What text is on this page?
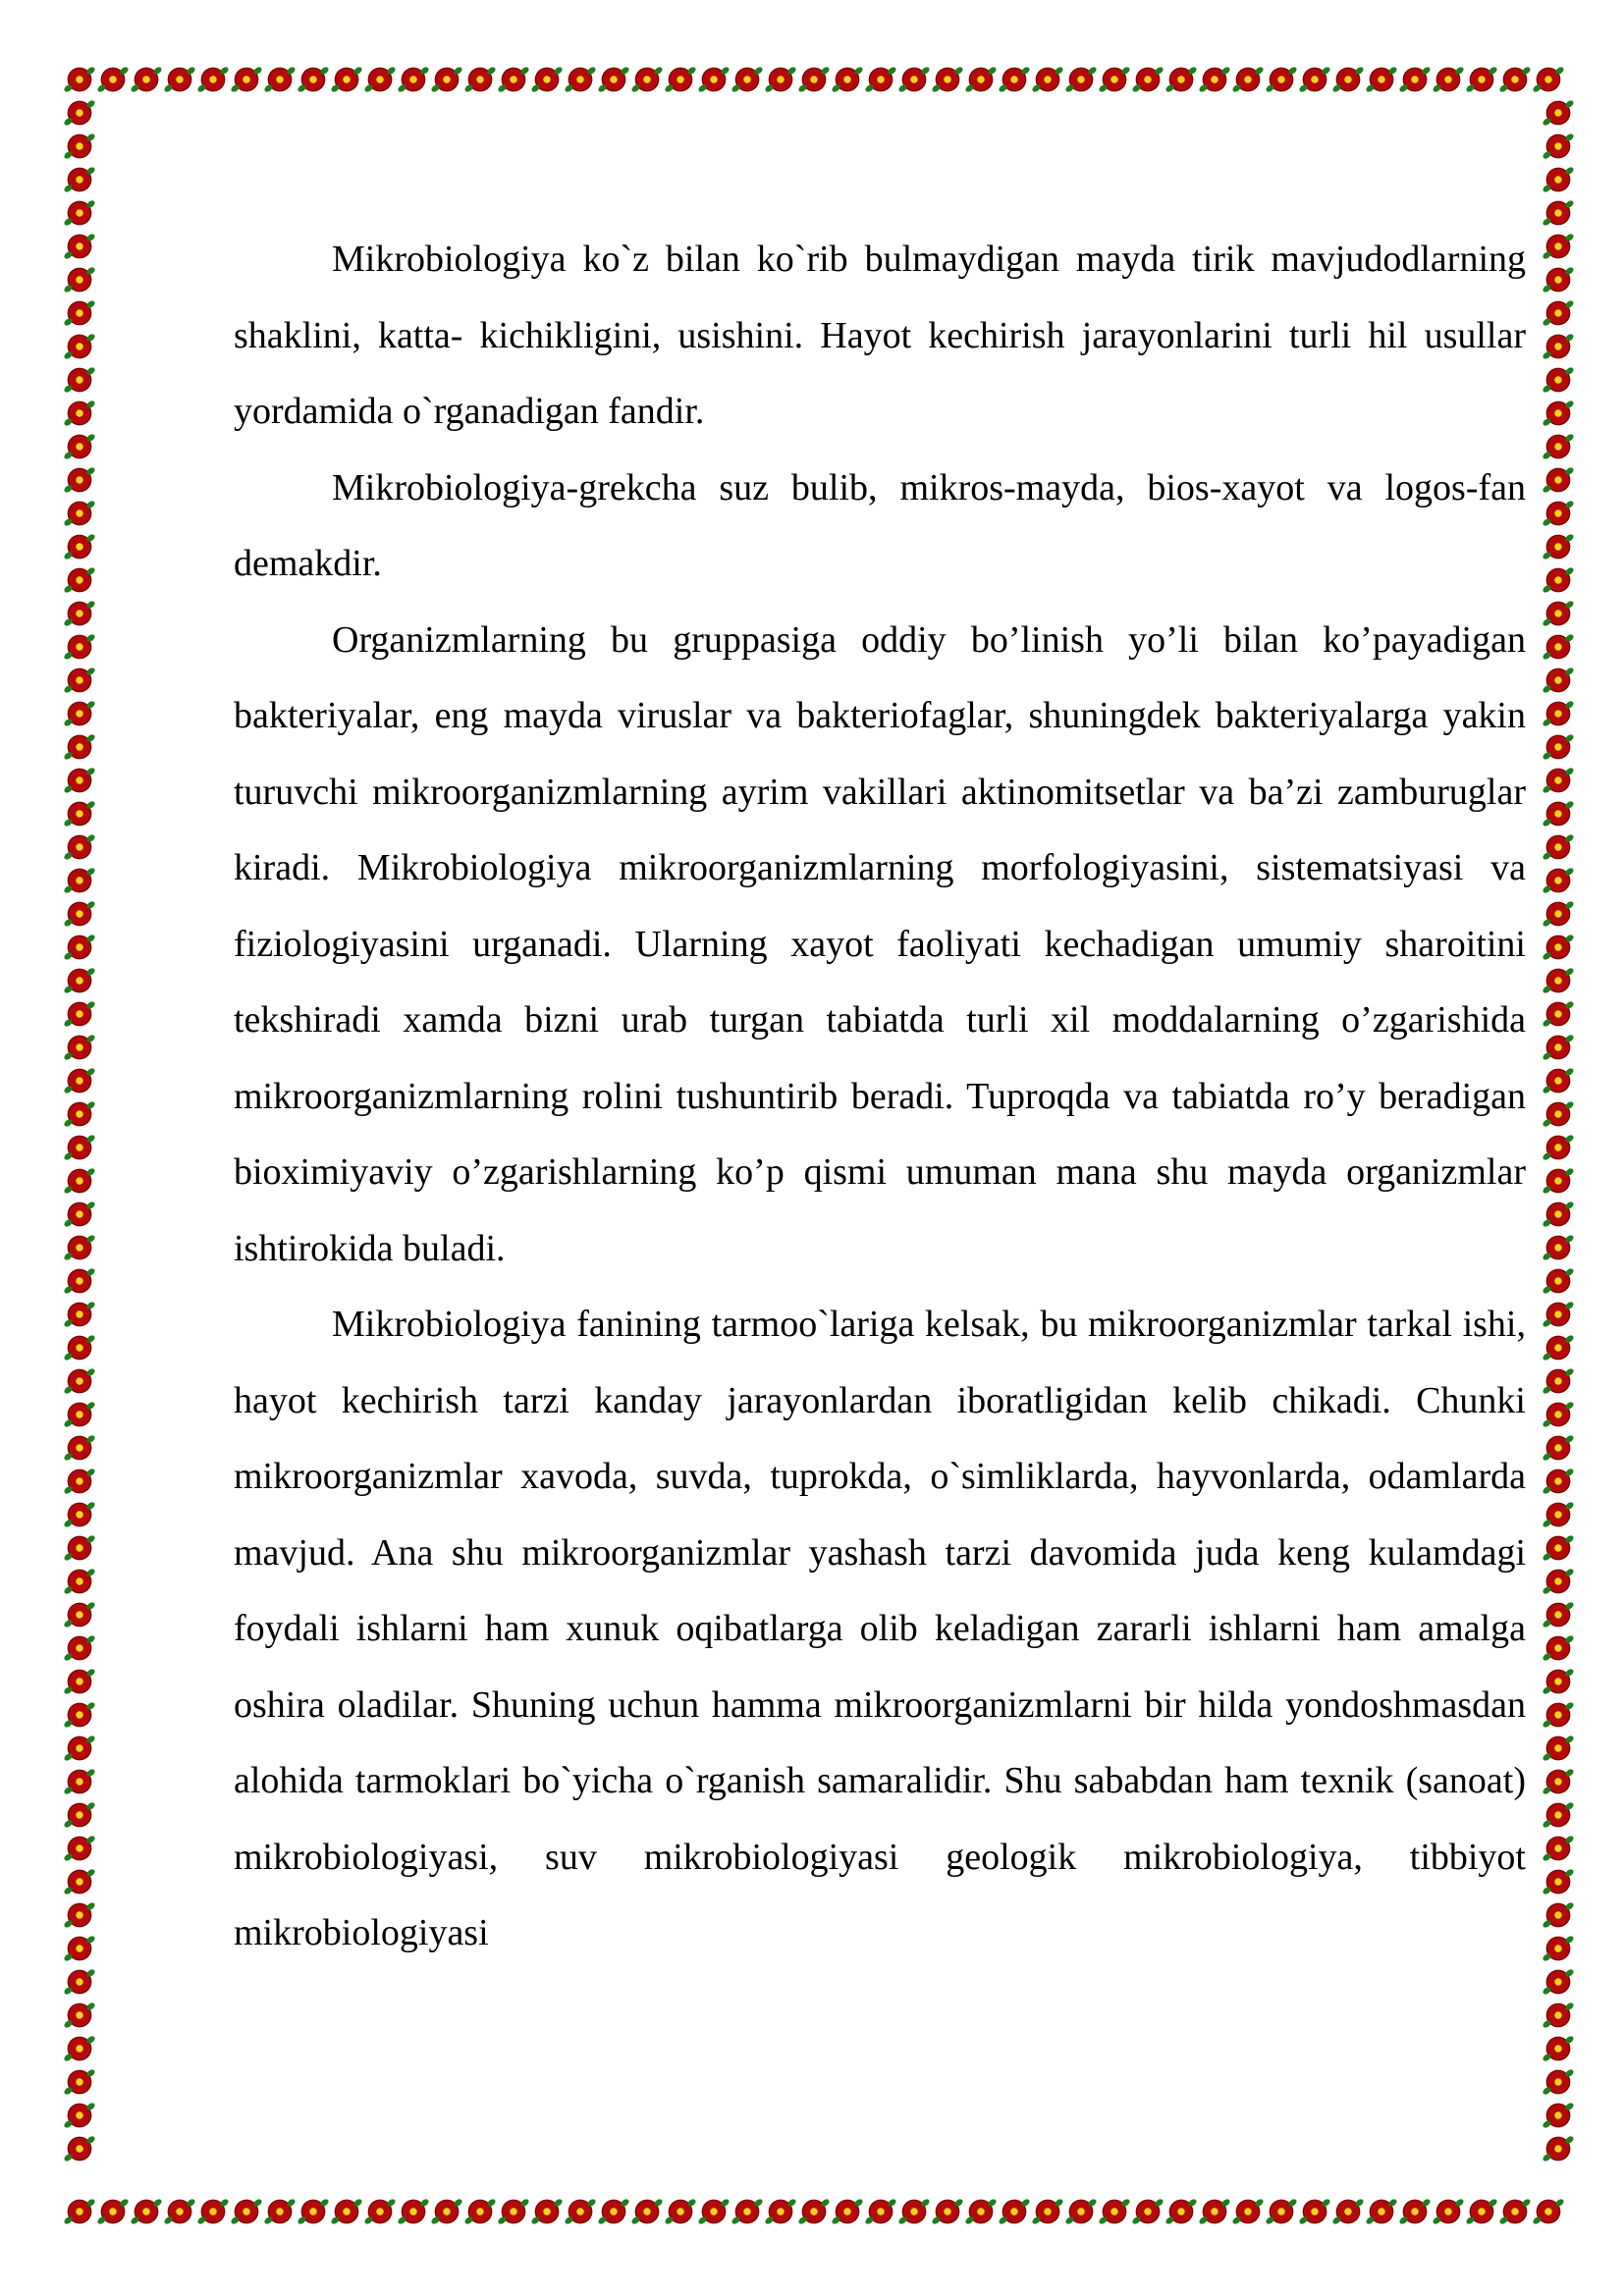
Mikrobiologiya ko`z bilan ko`rib bulmaydigan mayda tirik mavjudodlarning shaklini, katta- kichikligini, usishini. Hayot kechirish jarayonlarini turli hil usullar yordamida o`rganadigan fandir.

Mikrobiologiya-grekcha suz bulib, mikros-mayda, bios-xayot va logos-fan demakdir.

Organizmlarning bu gruppasiga oddiy bo’linish yo’li bilan ko’payadigan bakteriyalar, eng mayda viruslar va bakteriofaglar, shuningdek bakteriyalarga yakin turuvchi mikroorganizmlarning ayrim vakillari aktinomitsetlar va ba’zi zamburuglar kiradi. Mikrobiologiya mikroorganizmlarning morfologiyasini, sistematsiyasi va fiziologiyasini urganadi. Ularning xayot faoliyati kechadigan umumiy sharoitini tekshiradi xamda bizni urab turgan tabiatda turli xil moddalarning o’zgarishida mikroorganizmlarning rolini tushuntirib beradi. Tuproqda va tabiatda ro’y beradigan bioximiyaviy o’zgarishlarning ko’p qismi umuman mana shu mayda organizmlar ishtirokida buladi.

Mikrobiologiya fanining tarmoo`lariga kelsak, bu mikroorganizmlar tarkal ishi, hayot kechirish tarzi kanday jarayonlardan iboratligidan kelib chikadi. Chunki mikroorganizmlar xavoda, suvda, tuprokda, o`simliklarda, hayvonlarda, odamlarda mavjud. Ana shu mikroorganizmlar yashash tarzi davomida juda keng kulamdagi foydali ishlarni ham xunuk oqibatlarga olib keladigan zararli ishlarni ham amalga oshira oladilar. Shuning uchun hamma mikroorganizmlarni bir hilda yondoshmasdan alohida tarmoklari bo`yicha o`rganish samaralidir. Shu sababdan ham texnik (sanoat) mikrobiologiyasi, suv mikrobiologiyasi geologik mikrobiologiya, tibbiyot mikrobiologiyasi
